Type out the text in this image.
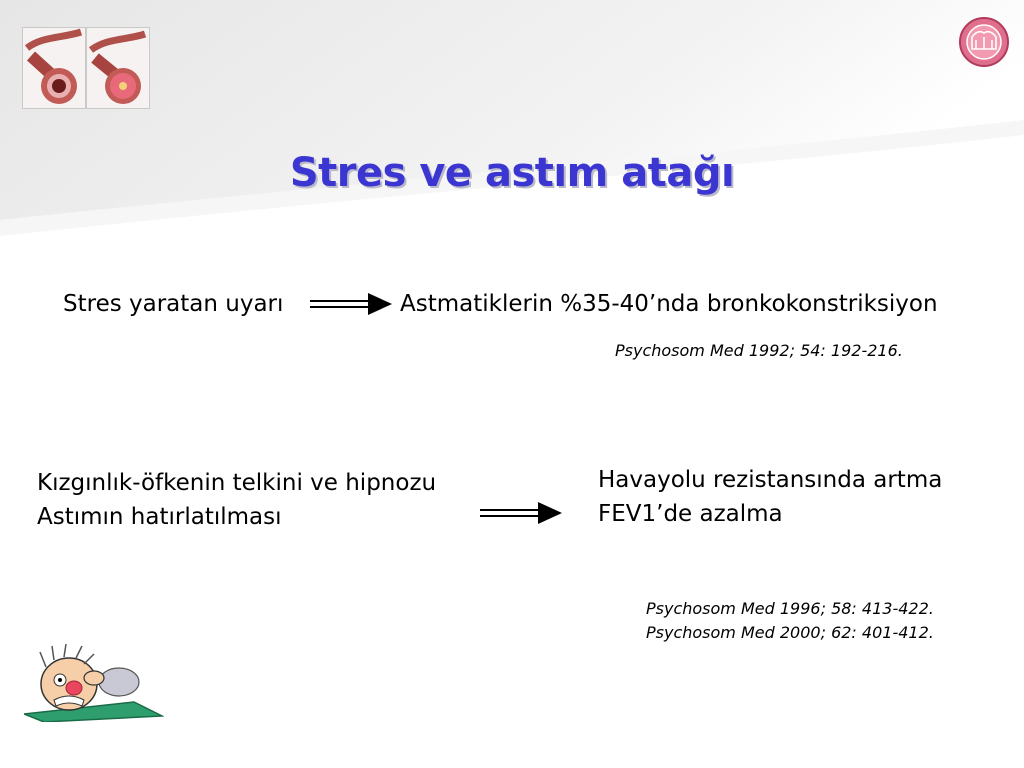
Stres ve astım atağı
Stres yaratan uyarı	Astmatiklerin %35-40’nda bronkokonstriksiyon
Psychosom Med 1992; 54: 192-216.
Kızgınlık-öfkenin telkini ve hipnozu
Astımın hatırlatılması
Havayolu rezistansında artma
FEV1’de azalma
Psychosom Med 1996; 58: 413-422.
Psychosom Med 2000; 62: 401-412.
